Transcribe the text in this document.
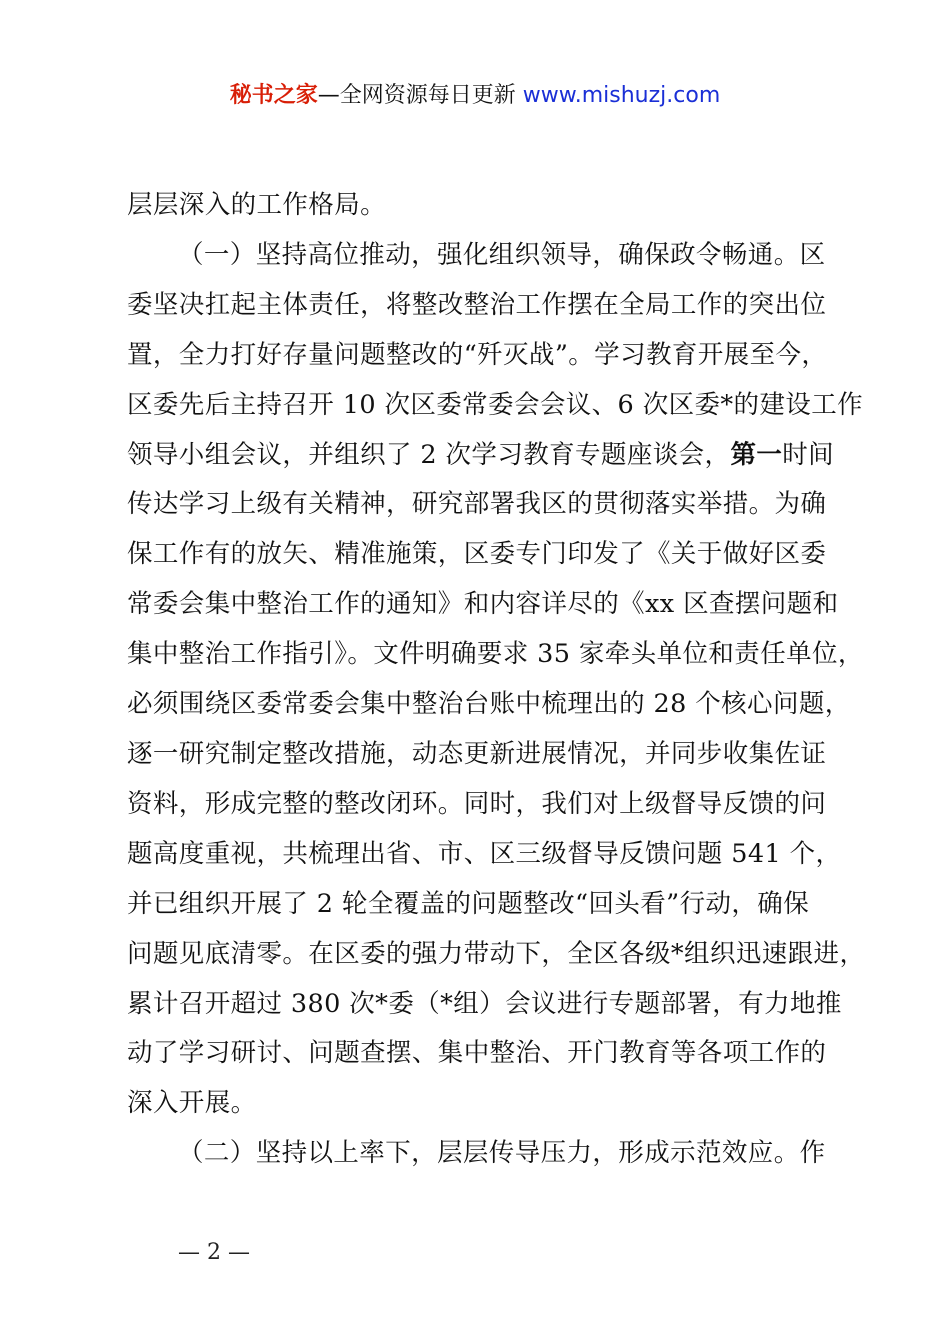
秘书之家—全网资源每日更新 www.mishuzj.com

层层深入的工作格局。

（一）坚持高位推动，强化组织领导，确保政令畅通。区
委坚决扛起主体责任，将整改整治工作摆在全局工作的突出位
置，全力打好存量问题整改的“歼灭战”。学习教育开展至今，
区委先后主持召开 10 次区委常委会会议、6 次区委*的建设工作
领导小组会议，并组织了 2 次学习教育专题座谈会，第一时间
传达学习上级有关精神，研究部署我区的贯彻落实举措。为确
保工作有的放矢、精准施策，区委专门印发了《关于做好区委
常委会集中整治工作的通知》和内容详尽的《xx 区查摆问题和
集中整治工作指引》。文件明确要求 35 家牵头单位和责任单位，
必须围绕区委常委会集中整治台账中梳理出的 28 个核心问题，
逐一研究制定整改措施，动态更新进展情况，并同步收集佐证
资料，形成完整的整改闭环。同时，我们对上级督导反馈的问
题高度重视，共梳理出省、市、区三级督导反馈问题 541 个，
并已组织开展了 2 轮全覆盖的问题整改“回头看”行动，确保
问题见底清零。在区委的强力带动下，全区各级*组织迅速跟进，
累计召开超过 380 次*委（*组）会议进行专题部署，有力地推
动了学习研讨、问题查摆、集中整治、开门教育等各项工作的
深入开展。

（二）坚持以上率下，层层传导压力，形成示范效应。作

— 2 —
